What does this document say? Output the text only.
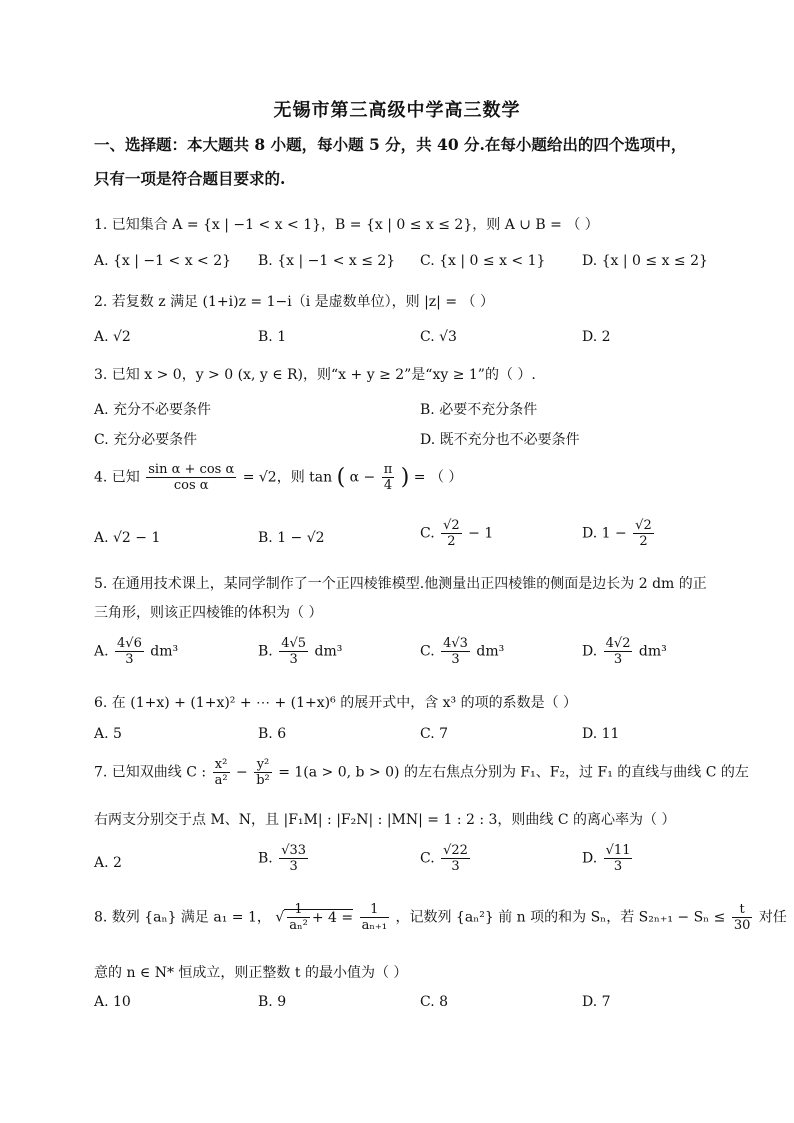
无锡市第三高级中学高三数学
一、选择题：本大题共 8 小题，每小题 5 分，共 40 分.在每小题给出的四个选项中，
只有一项是符合题目要求的.
1. 已知集合 A = {x | −1 < x < 1}，B = {x | 0 ≤ x ≤ 2}，则 A ∪ B = （ ）
A. {x | −1 < x < 2} B. {x | −1 < x ≤ 2} C. {x | 0 ≤ x < 1}	D. {x | 0 ≤ x ≤ 2}
2. 若复数 z 满足 (1+i)z = 1−i（i 是虚数单位），则 |z| = （ ）
A. √2	B. 1	C. √3	D. 2
3. 已知 x > 0，y > 0 (x, y ∈ R)，则“x + y ≥ 2”是“xy ≥ 1”的（ ）.
A. 充分不必要条件	B. 必要不充分条件
C. 充分必要条件	D. 既不充分也不必要条件
4. 已知 $\frac{\text{sin α + cos α}}{\text{cos α}} = √2$，则 tan ( $\alpha - \frac{\pi}{4}$ ) = （ ）
A. √2 − 1	B. 1 − √2	C. $\frac{√2}{2} - 1$	D. $1 - \frac{√2}{2}$
5. 在通用技术课上，某同学制作了一个正四棱锥模型.他测量出正四棱锥的侧面是边长为 2 dm 的正
三角形，则该正四棱锥的体积为（ ）
A. $\frac{4√6}{3} dm^3$	B. $\frac{4√5}{3} dm^3$	C. $\frac{4√3}{3} dm^3$	D. $\frac{4√2}{3} dm^3$
6. 在 (1+x) + (1+x)² + ⋯ + (1+x)⁶ 的展开式中，含 x³ 的项的系数是（ ）
A. 5	B. 6	C. 7	D. 11
7. 已知双曲线 C : $\frac{\text{x²}}{\text{a²}} - \frac{\text{y²}}{\text{b²}} = 1(a > 0$, b > 0) 的左右焦点分别为 F₁、F₂，过 F₁ 的直线与曲线 C 的左
右两支分别交于点 M、N，且 |F₁M| : |F₂N| : |MN| = 1 : 2 : 3，则曲线 C 的离心率为（ ）
A. 2	B. $\frac{√33}{3}$	C. $\frac{√22}{3}$	D. $\frac{√11}{3}$
8. 数列 {aₙ} 满足 a₁ = 1， √ $\frac{1}{\text{aₙ²}} + 4 = \frac{1}{\text{aₙ₊₁}}$ ，记数列 {aₙ²} 前 n 项的和为 Sₙ，若 $S_{2n+1} - S_n \le \frac{t}{30}$ 对任
意的 n ∈ N* 恒成立，则正整数 t 的最小值为（ ）
A. 10	B. 9	C. 8	D. 7
